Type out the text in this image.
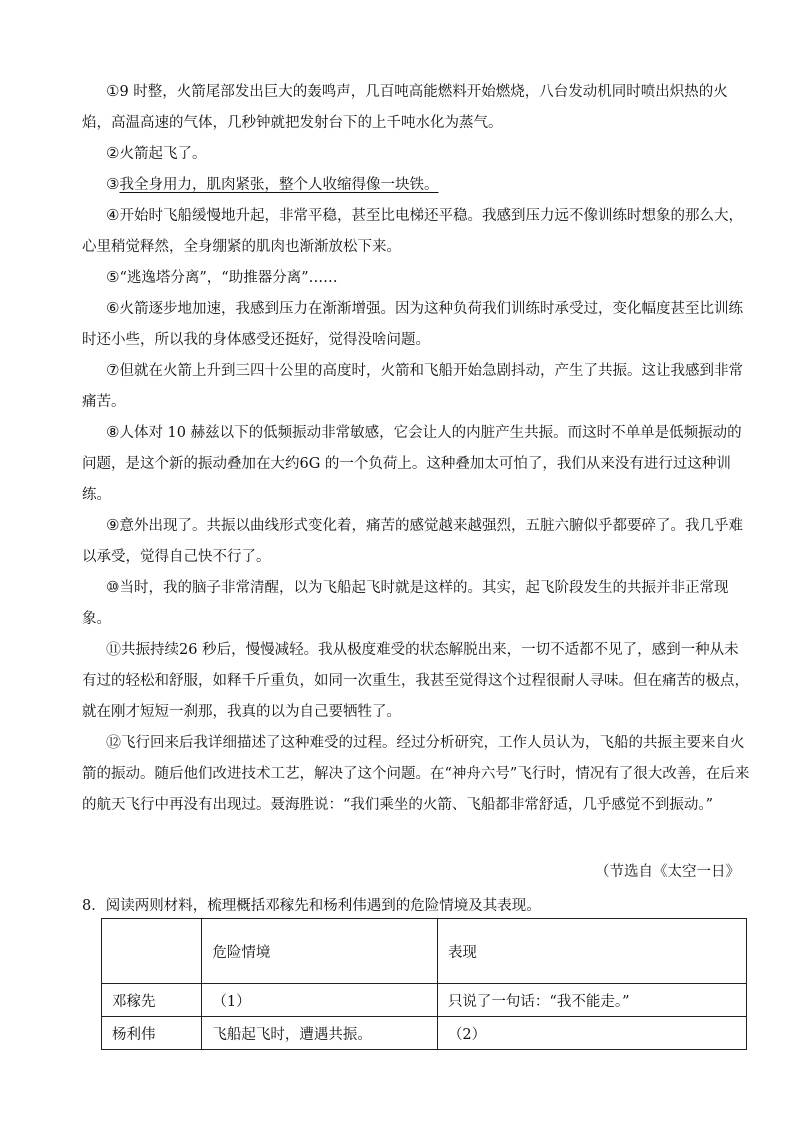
①9 时整，火箭尾部发出巨大的轰鸣声，几百吨高能燃料开始燃烧，八台发动机同时喷出炽热的火焰，高温高速的气体，几秒钟就把发射台下的上千吨水化为蒸气。

②火箭起飞了。

③我全身用力，肌肉紧张，整个人收缩得像一块铁。

④开始时飞船缓慢地升起，非常平稳，甚至比电梯还平稳。我感到压力远不像训练时想象的那么大，心里稍觉释然，全身绷紧的肌肉也渐渐放松下来。

⑤“逃逸塔分离”，“助推器分离”……

⑥火箭逐步地加速，我感到压力在渐渐增强。因为这种负荷我们训练时承受过，变化幅度甚至比训练时还小些，所以我的身体感受还挺好，觉得没啥问题。

⑦但就在火箭上升到三四十公里的高度时，火箭和飞船开始急剧抖动，产生了共振。这让我感到非常痛苦。

⑧人体对 10 赫兹以下的低频振动非常敏感，它会让人的内脏产生共振。而这时不单单是低频振动的问题，是这个新的振动叠加在大约6G 的一个负荷上。这种叠加太可怕了，我们从来没有进行过这种训练。

⑨意外出现了。共振以曲线形式变化着，痛苦的感觉越来越强烈，五脏六腑似乎都要碎了。我几乎难以承受，觉得自己快不行了。

⑩当时，我的脑子非常清醒，以为飞船起飞时就是这样的。其实，起飞阶段发生的共振并非正常现象。

⑪共振持续26 秒后，慢慢减轻。我从极度难受的状态解脱出来，一切不适都不见了，感到一种从未有过的轻松和舒服，如释千斤重负，如同一次重生，我甚至觉得这个过程很耐人寻味。但在痛苦的极点，就在刚才短短一刹那，我真的以为自己要牺牲了。

⑫飞行回来后我详细描述了这种难受的过程。经过分析研究，工作人员认为，飞船的共振主要来自火箭的振动。随后他们改进技术工艺，解决了这个问题。在“神舟六号”飞行时，情况有了很大改善，在后来的航天飞行中再没有出现过。聂海胜说：“我们乘坐的火箭、飞船都非常舒适，几乎感觉不到振动。”

（节选自《太空一日》
8．阅读两则材料，梳理概括邓稼先和杨利伟遇到的危险情境及其表现。
	危险情境	表现
邓稼先	（1）	只说了一句话：“我不能走。”
杨利伟	飞船起飞时，遭遇共振。	（2）
